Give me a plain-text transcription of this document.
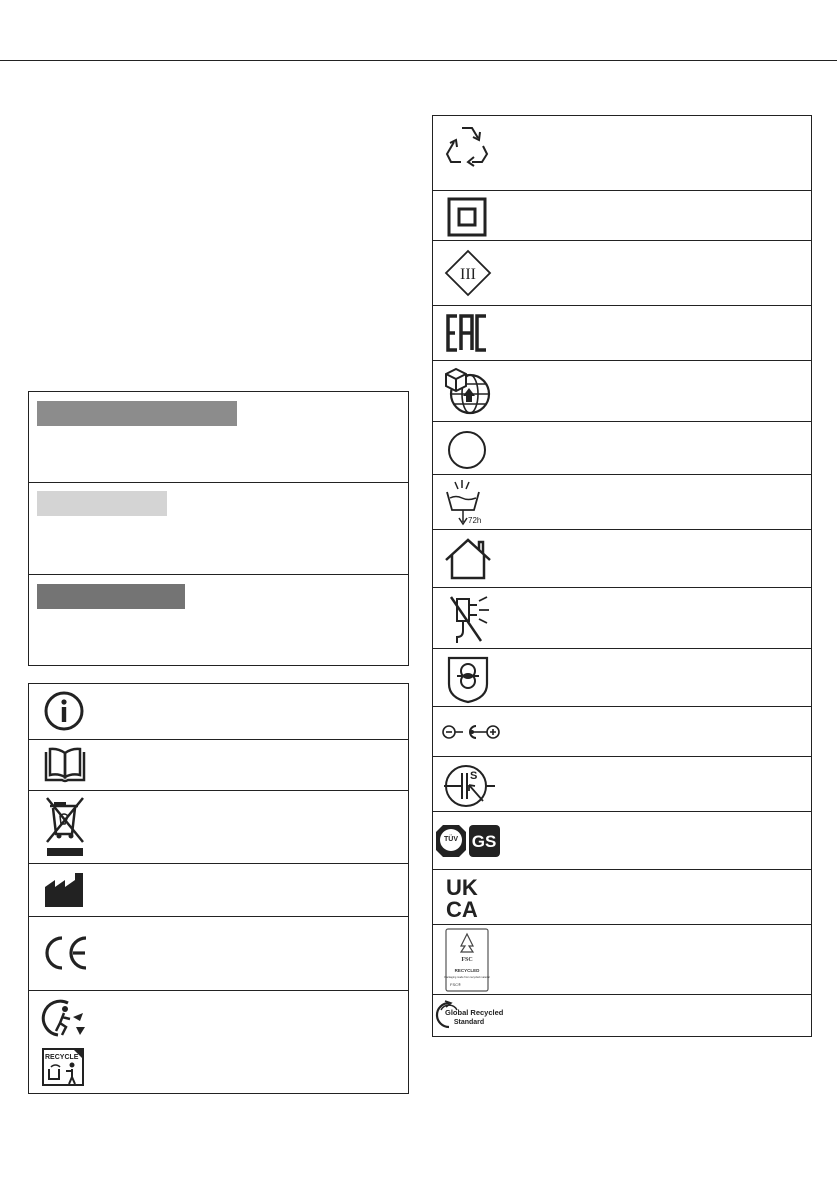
RECYCLE
III
72h
S
TÜV GS
UK
CA
FSC
RECYCLED
Packaging made from recycled material
FSC®
Global Recycled
Standard
